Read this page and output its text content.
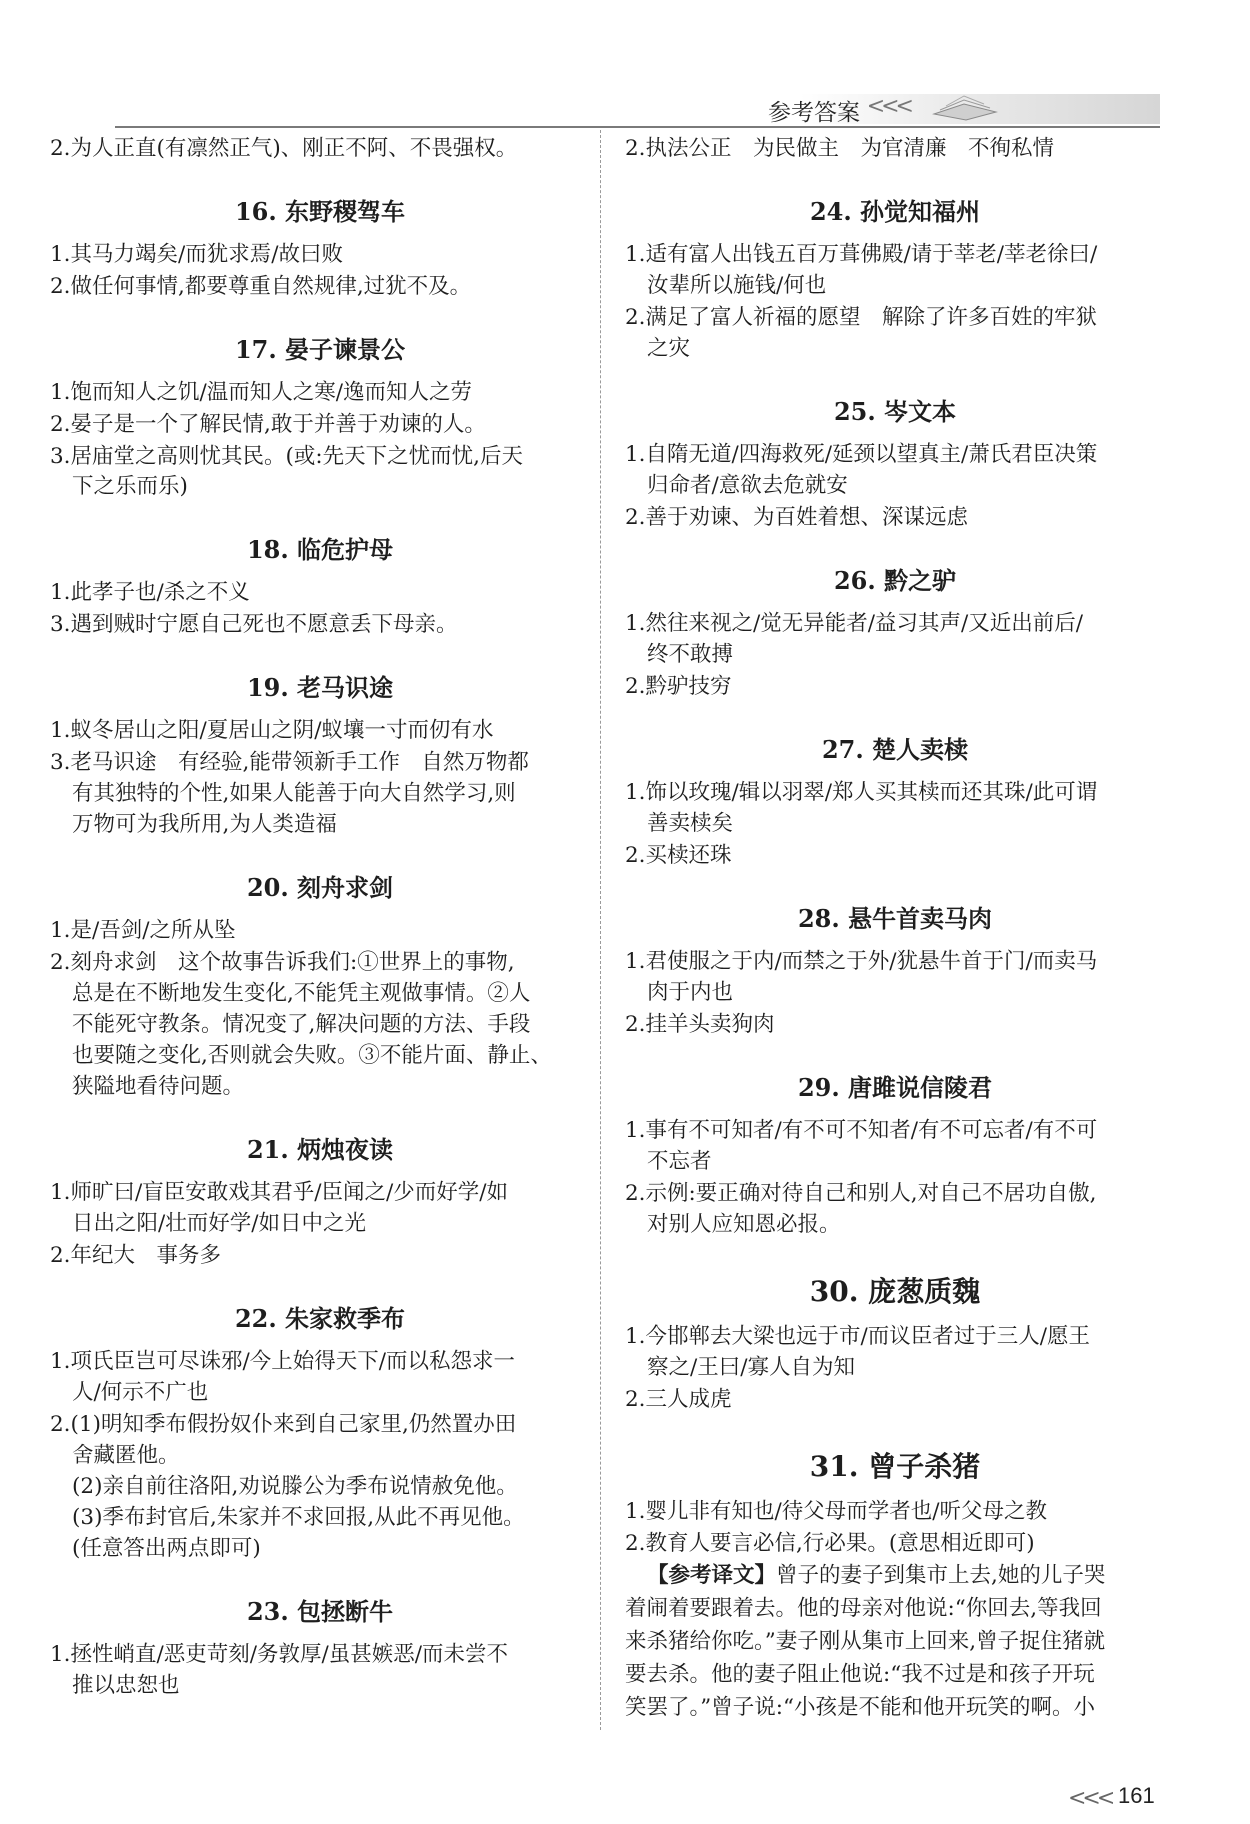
参考答案 <<<
2.为人正直(有凛然正气)、刚正不阿、不畏强权。
16. 东野稷驾车
1.其马力竭矣/而犹求焉/故曰败
2.做任何事情,都要尊重自然规律,过犹不及。
17. 晏子谏景公
1.饱而知人之饥/温而知人之寒/逸而知人之劳
2.晏子是一个了解民情,敢于并善于劝谏的人。
3.居庙堂之高则忧其民。(或:先天下之忧而忧,后天
下之乐而乐)
18. 临危护母
1.此孝子也/杀之不义
3.遇到贼时宁愿自己死也不愿意丢下母亲。
19. 老马识途
1.蚁冬居山之阳/夏居山之阴/蚁壤一寸而仞有水
3.老马识途　有经验,能带领新手工作　自然万物都
有其独特的个性,如果人能善于向大自然学习,则
万物可为我所用,为人类造福
20. 刻舟求剑
1.是/吾剑/之所从坠
2.刻舟求剑　这个故事告诉我们:①世界上的事物,
总是在不断地发生变化,不能凭主观做事情。②人
不能死守教条。情况变了,解决问题的方法、手段
也要随之变化,否则就会失败。③不能片面、静止、
狭隘地看待问题。
21. 炳烛夜读
1.师旷曰/盲臣安敢戏其君乎/臣闻之/少而好学/如
日出之阳/壮而好学/如日中之光
2.年纪大　事务多
22. 朱家救季布
1.项氏臣岂可尽诛邪/今上始得天下/而以私怨求一
人/何示不广也
2.(1)明知季布假扮奴仆来到自己家里,仍然置办田
舍藏匿他。
(2)亲自前往洛阳,劝说滕公为季布说情赦免他。
(3)季布封官后,朱家并不求回报,从此不再见他。
(任意答出两点即可)
23. 包拯断牛
1.拯性峭直/恶吏苛刻/务敦厚/虽甚嫉恶/而未尝不
推以忠恕也
2.执法公正　为民做主　为官清廉　不徇私情
24. 孙觉知福州
1.适有富人出钱五百万葺佛殿/请于莘老/莘老徐曰/
汝辈所以施钱/何也
2.满足了富人祈福的愿望　解除了许多百姓的牢狱
之灾
25. 岑文本
1.自隋无道/四海救死/延颈以望真主/萧氏君臣决策
归命者/意欲去危就安
2.善于劝谏、为百姓着想、深谋远虑
26. 黔之驴
1.然往来视之/觉无异能者/益习其声/又近出前后/
终不敢搏
2.黔驴技穷
27. 楚人卖椟
1.饰以玫瑰/辑以羽翠/郑人买其椟而还其珠/此可谓
善卖椟矣
2.买椟还珠
28. 悬牛首卖马肉
1.君使服之于内/而禁之于外/犹悬牛首于门/而卖马
肉于内也
2.挂羊头卖狗肉
29. 唐雎说信陵君
1.事有不可知者/有不可不知者/有不可忘者/有不可
不忘者
2.示例:要正确对待自己和别人,对自己不居功自傲,
对别人应知恩必报。
30. 庞葱质魏
1.今邯郸去大梁也远于市/而议臣者过于三人/愿王
察之/王曰/寡人自为知
2.三人成虎
31. 曾子杀猪
1.婴儿非有知也/待父母而学者也/听父母之教
2.教育人要言必信,行必果。(意思相近即可)
【参考译文】曾子的妻子到集市上去,她的儿子哭
着闹着要跟着去。他的母亲对他说:“你回去,等我回
来杀猪给你吃。”妻子刚从集市上回来,曾子捉住猪就
要去杀。他的妻子阻止他说:“我不过是和孩子开玩
笑罢了。”曾子说:“小孩是不能和他开玩笑的啊。小
<<< 161
